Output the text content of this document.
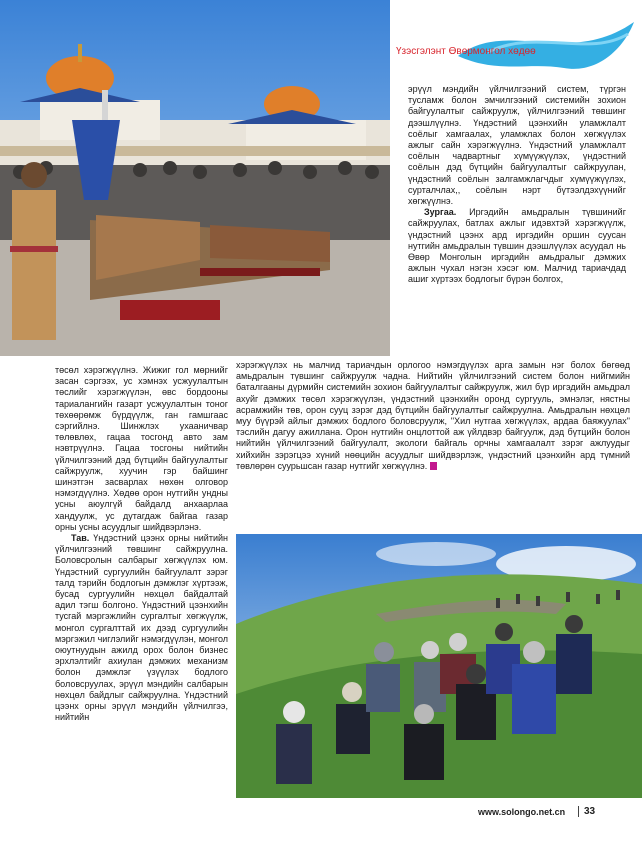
Үзэсгэлэнт Өвөрмонгол хөдөө

эрүүл мэндийн үйлчилгээний систем, түргэн тусламж болон эмчилгээний системийн зохион байгуулалтыг сайжруулж, үйлчилгээний төвшинг дээшлүүлнэ. Үндэстний цээнхийн уламжлалт соёлыг хамгаалах, уламжлах болон хөгжүүлэх ажлыг сайн хэрэгжүүлнэ. Үндэстний уламжлалт соёлын чадвартныг хүмүүжүүлэх, үндэстний соёлын дэд бүтцийн байгуулалтыг сайжруулан, үндэстний соёлын залгамжлагчдыг хүмүүжүүлэх, сурталчлах,, соёлын нэрт бүтээлдэхүүнийг хөгжүүлнэ.

Зургаа. Иргэдийн амьдралын түвшинийг сайжруулах, батлах ажлыг идэвхтэй хэрэгжүүлж, үндэстний цээнх ард иргэдийн оршин суусан нутгийн амьдралын түвшин дээшлүүлэх асуудал нь Өвөр Монголын иргэдийн амьдралыг дэмжих ажлын чухал нэгэн хэсэг юм. Малчид тариачдад ашиг хүртээх бодлогыг бүрэн болгох,

төсөл хэрэгжүүлнэ. Жижиг гол мөрнийг засан сэргээх, ус хэмнэх усжуулалтын төслийг хэрэгжүүлэн, өвс бордооны тариалангийн газарт усжуулалтын тоног төхөөрөмж бүрдүүлж, ган гамшгаас сэргийлнэ. Шинжлэх ухааничвар төлөвлөх, гацаа тосгонд авто зам нэвтрүүлнэ. Гацаа тосгоны нийтийн үйлчилгээний дэд бүтцийн байгуулалтыг сайжруулж, хуучин гэр байшинг шинэтгэн засварлах нөхөн олговор нэмэгдүүлнэ. Хөдөө орон нутгийн ундны усны аюулгүй байдалд анхаарлаа хандуулж, ус дутагдаж байгаа газар орны усны асуудлыг шийдвэрлэнэ.

Тав. Үндэстний цээнх орны нийтийн үйлчилгээний төвшинг сайжруулна. Боловсролын салбарыг хөгжүүлэх юм. Үндэстний сургуулийн байгуулалт зэрэг талд тэрийн бодлогын дэмжлэг хүртээж, бусад сургуулийн нөхцөл байдалтай адил тэгш болгоно. Үндэстний цээнхийн тусгай мэргэжлийн сургалтыг хөгжүүлж, монгол сургалттай их дээд сургуулийн мэргэжил чиглэлийг нэмэгдүүлэн, монгол оюутнуудын ажилд орох болон бизнес эрхлэлтийг ахиулан дэмжих механизм болон дэмжлэг үзүүлэх бодлого боловсруулах, эрүүл мэндийн салбарын нөхцөл байдлыг сайжруулна. Үндэстний цээнх орны эрүүл мэндийн үйлчилгээ, нийтийн

хэрэгжүүлэх нь малчид тариачдын орлогоо нэмэгдүүлэх арга замын нэг болох бөгөөд амьдралын түвшинг сайжруулж чадна. Нийтийн үйлчилгээний систем болон нийгмийн баталгааны дүрмийн системийн зохион байгуулалтыг сайжруулж, жил бүр иргэдийн амьдрал ахуйг дэмжих төсөл хэрэгжүүлэн, үндэстний цээнхийн оронд сургууль, эмнэлэг, нястны асрамжийн төв, орон сууц зэрэг дэд бүтцийн байгуулалтыг сайжруулна. Амьдралын нөхцөл муу бүүрэй айлыг дэмжих бодлого боловсруулж, "Хил нутгаа хөгжүүлэх, ардаа баяжуулах" тэслийн дагуу ажиллана. Орон нутгийн онцлоттой аж үйлдвэр байгуулж, дэд бүтцийн болон нийтийн үйлчилгээний байгуулалт, экологи байгаль орчны хамгаалалт зэрэг ажлуудыг хийхийн зэрэгцээ хүний нөөцийн асуудлыг шийдвэрлэж, үндэстний цээнхийн ард түмний төвлөрөн суурьшсан газар нутгийг хөгжүүлнэ.

www.solongo.net.cn 33
